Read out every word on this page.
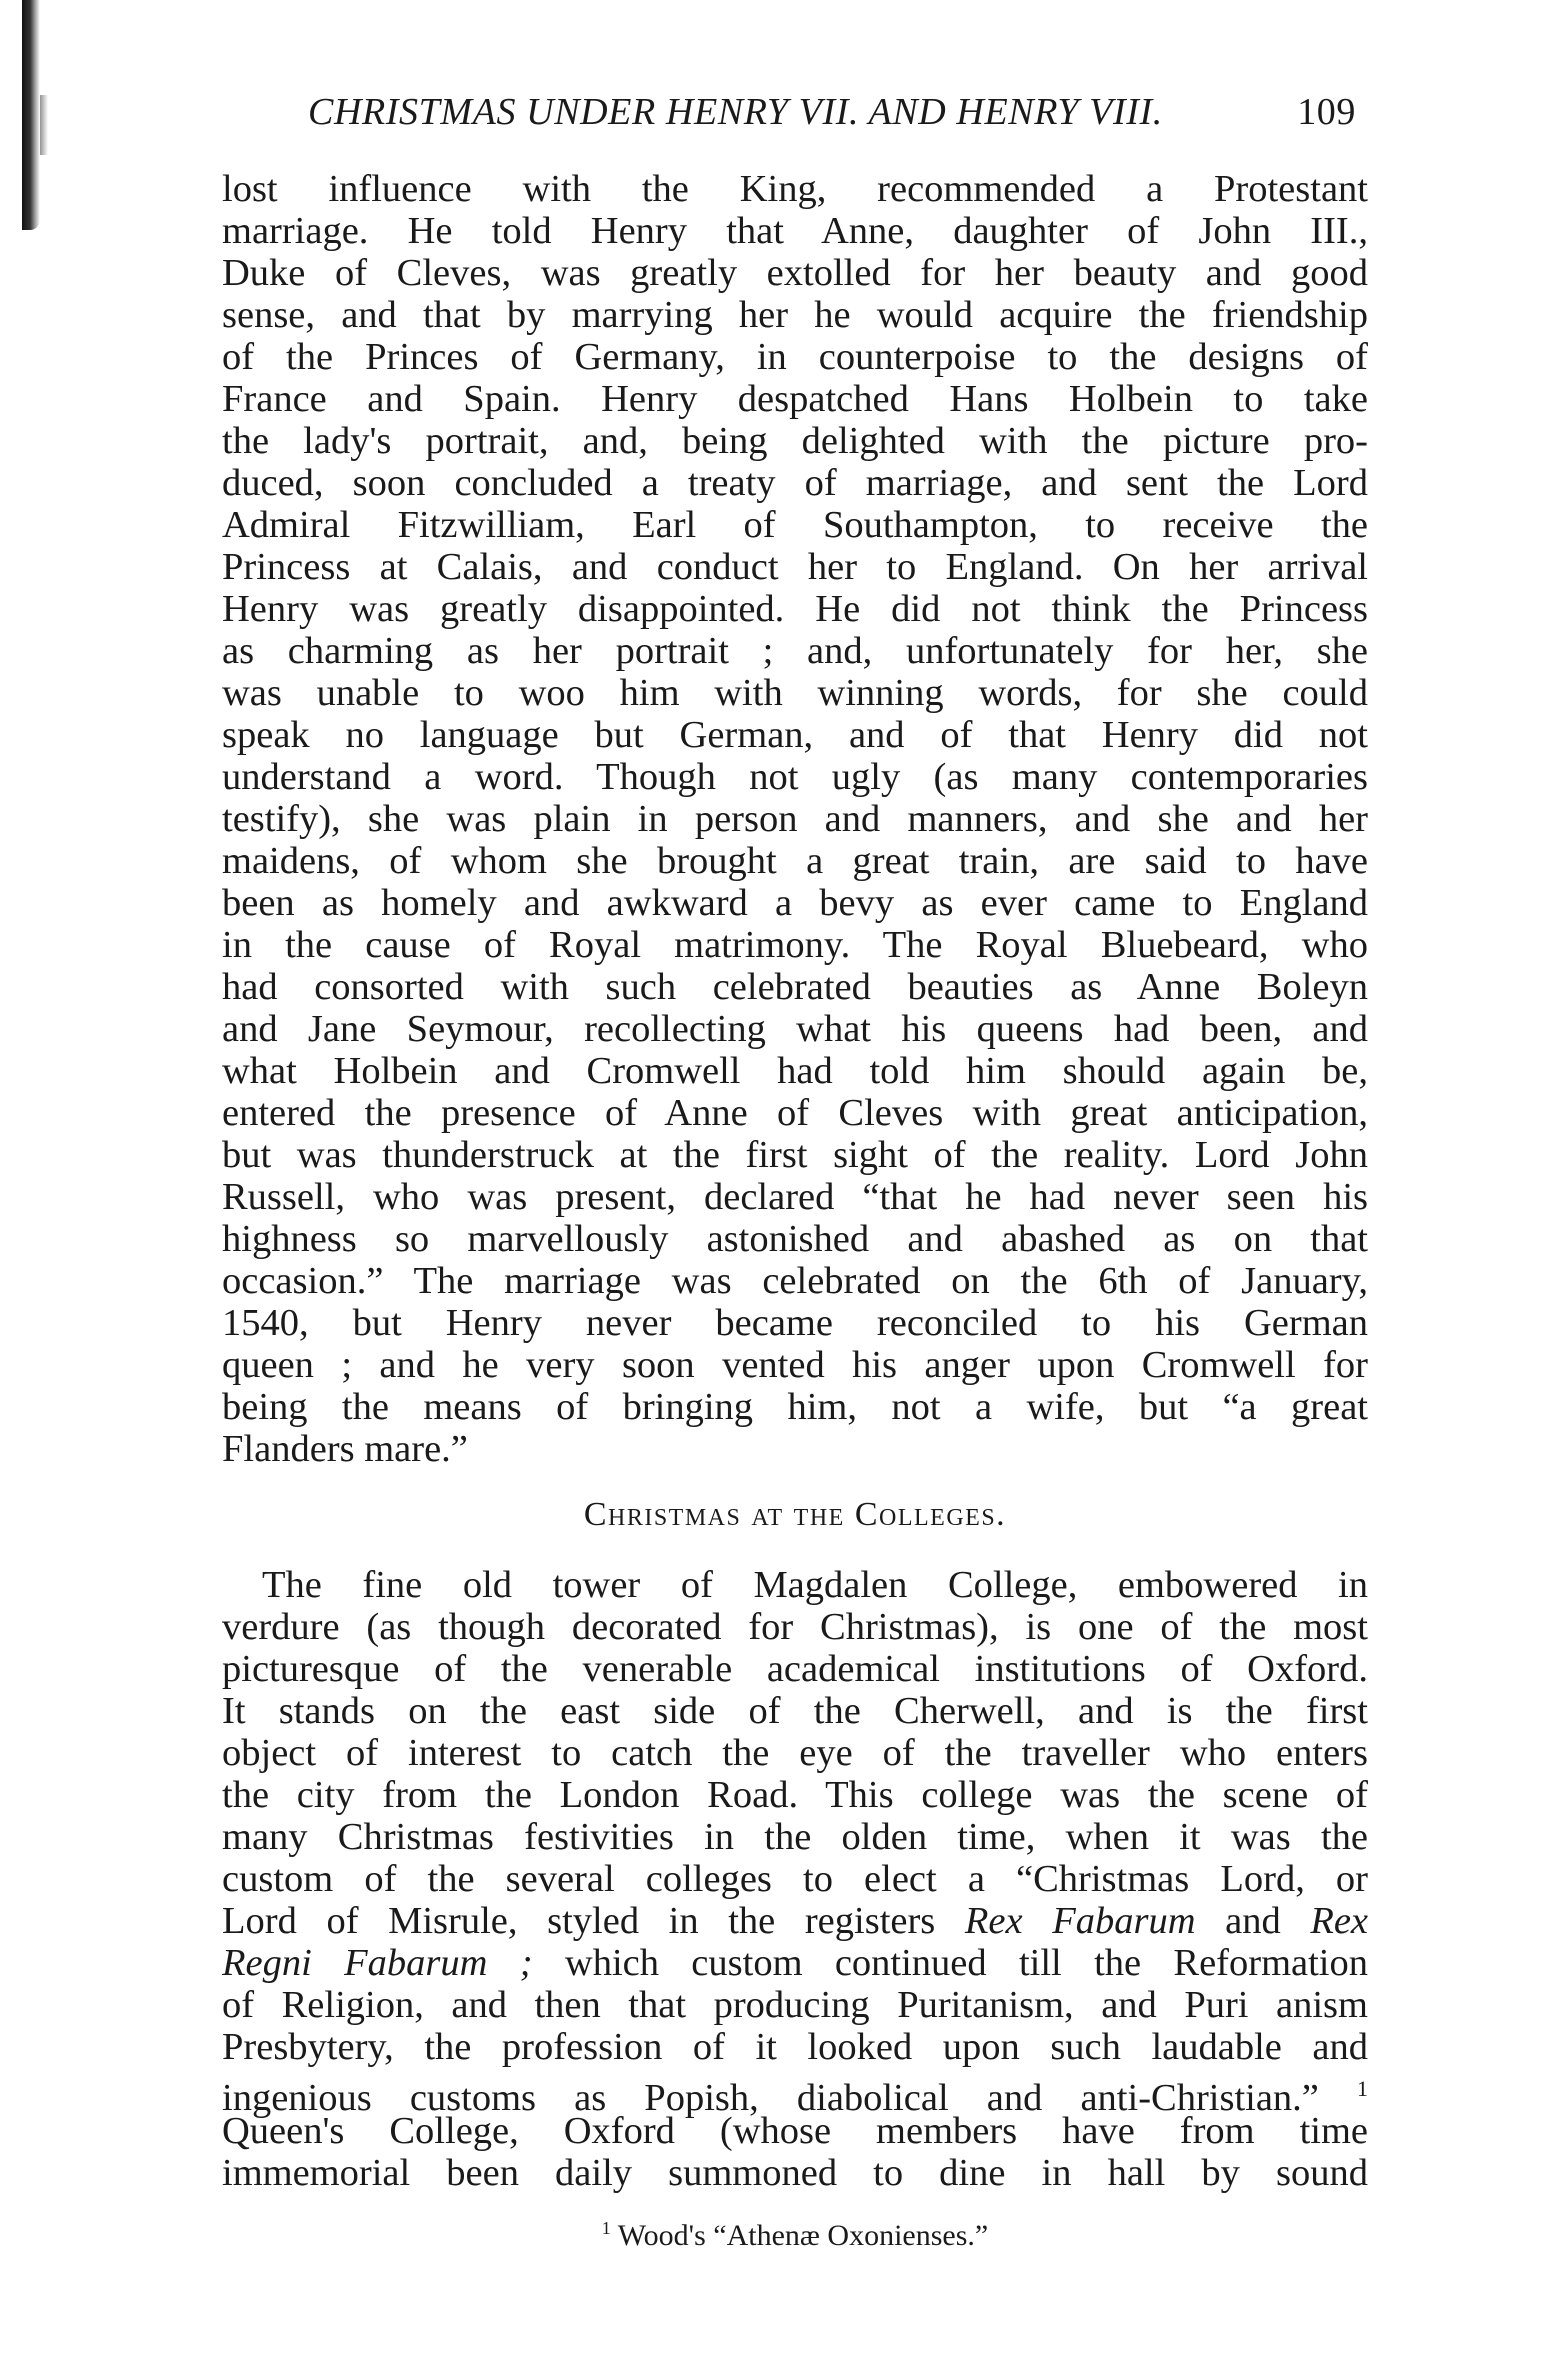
CHRISTMAS UNDER HENRY VII. AND HENRY VIII.	109
lost influence with the King, recommended a Protestant
marriage. He told Henry that Anne, daughter of John III.,
Duke of Cleves, was greatly extolled for her beauty and good
sense, and that by marrying her he would acquire the friendship
of the Princes of Germany, in counterpoise to the designs of
France and Spain. Henry despatched Hans Holbein to take
the lady's portrait, and, being delighted with the picture pro-
duced, soon concluded a treaty of marriage, and sent the Lord
Admiral Fitzwilliam, Earl of Southampton, to receive the
Princess at Calais, and conduct her to England. On her arrival
Henry was greatly disappointed. He did not think the Princess
as charming as her portrait ; and, unfortunately for her, she
was unable to woo him with winning words, for she could
speak no language but German, and of that Henry did not
understand a word. Though not ugly (as many contemporaries
testify), she was plain in person and manners, and she and her
maidens, of whom she brought a great train, are said to have
been as homely and awkward a bevy as ever came to England
in the cause of Royal matrimony. The Royal Bluebeard, who
had consorted with such celebrated beauties as Anne Boleyn
and Jane Seymour, recollecting what his queens had been, and
what Holbein and Cromwell had told him should again be,
entered the presence of Anne of Cleves with great anticipation,
but was thunderstruck at the first sight of the reality. Lord John
Russell, who was present, declared “that he had never seen his
highness so marvellously astonished and abashed as on that
occasion.” The marriage was celebrated on the 6th of January,
1540, but Henry never became reconciled to his German
queen ; and he very soon vented his anger upon Cromwell for
being the means of bringing him, not a wife, but “a great
Flanders mare.”
Christmas at the Colleges.
The fine old tower of Magdalen College, embowered in
verdure (as though decorated for Christmas), is one of the most
picturesque of the venerable academical institutions of Oxford.
It stands on the east side of the Cherwell, and is the first
object of interest to catch the eye of the traveller who enters
the city from the London Road. This college was the scene of
many Christmas festivities in the olden time, when it was the
custom of the several colleges to elect a “Christmas Lord, or
Lord of Misrule, styled in the registers Rex Fabarum and Rex
Regni Fabarum ; which custom continued till the Reformation
of Religion, and then that producing Puritanism, and Puri anism
Presbytery, the profession of it looked upon such laudable and
ingenious customs as Popish, diabolical and anti-Christian.” $^1$
Queen's College, Oxford (whose members have from time
immemorial been daily summoned to dine in hall by sound
$^1$ Wood's “Athenæ Oxonienses.”
